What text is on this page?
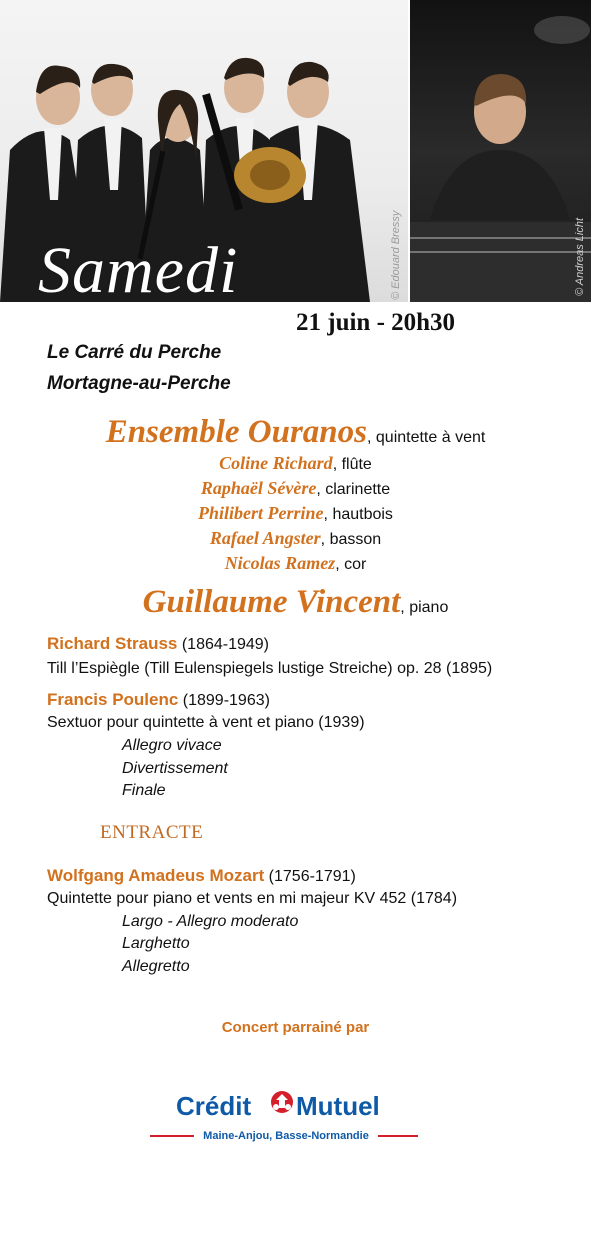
© Edouard Bressy
Samedi	© Andreas Licht
21 juin - 20h30
Le Carré du Perche
Mortagne-au-Perche
Ensemble Ouranos, quintette à vent
Coline Richard, flûte
Raphaël Sévère, clarinette
Philibert Perrine, hautbois
Rafael Angster, basson
Nicolas Ramez, cor
Guillaume Vincent, piano
Richard Strauss (1864-1949)
Till l’Espiègle (Till Eulenspiegels lustige Streiche) op. 28 (1895)
Francis Poulenc (1899-1963)
Sextuor pour quintette à vent et piano (1939)
Allegro vivace
Divertissement
Finale
ENTRACTE
Wolfgang Amadeus Mozart (1756-1791)
Quintette pour piano et vents en mi majeur KV 452 (1784)
Largo - Allegro moderato
Larghetto
Allegretto
Concert parrainé par
Crédit Mutuel
Maine-Anjou, Basse-Normandie
